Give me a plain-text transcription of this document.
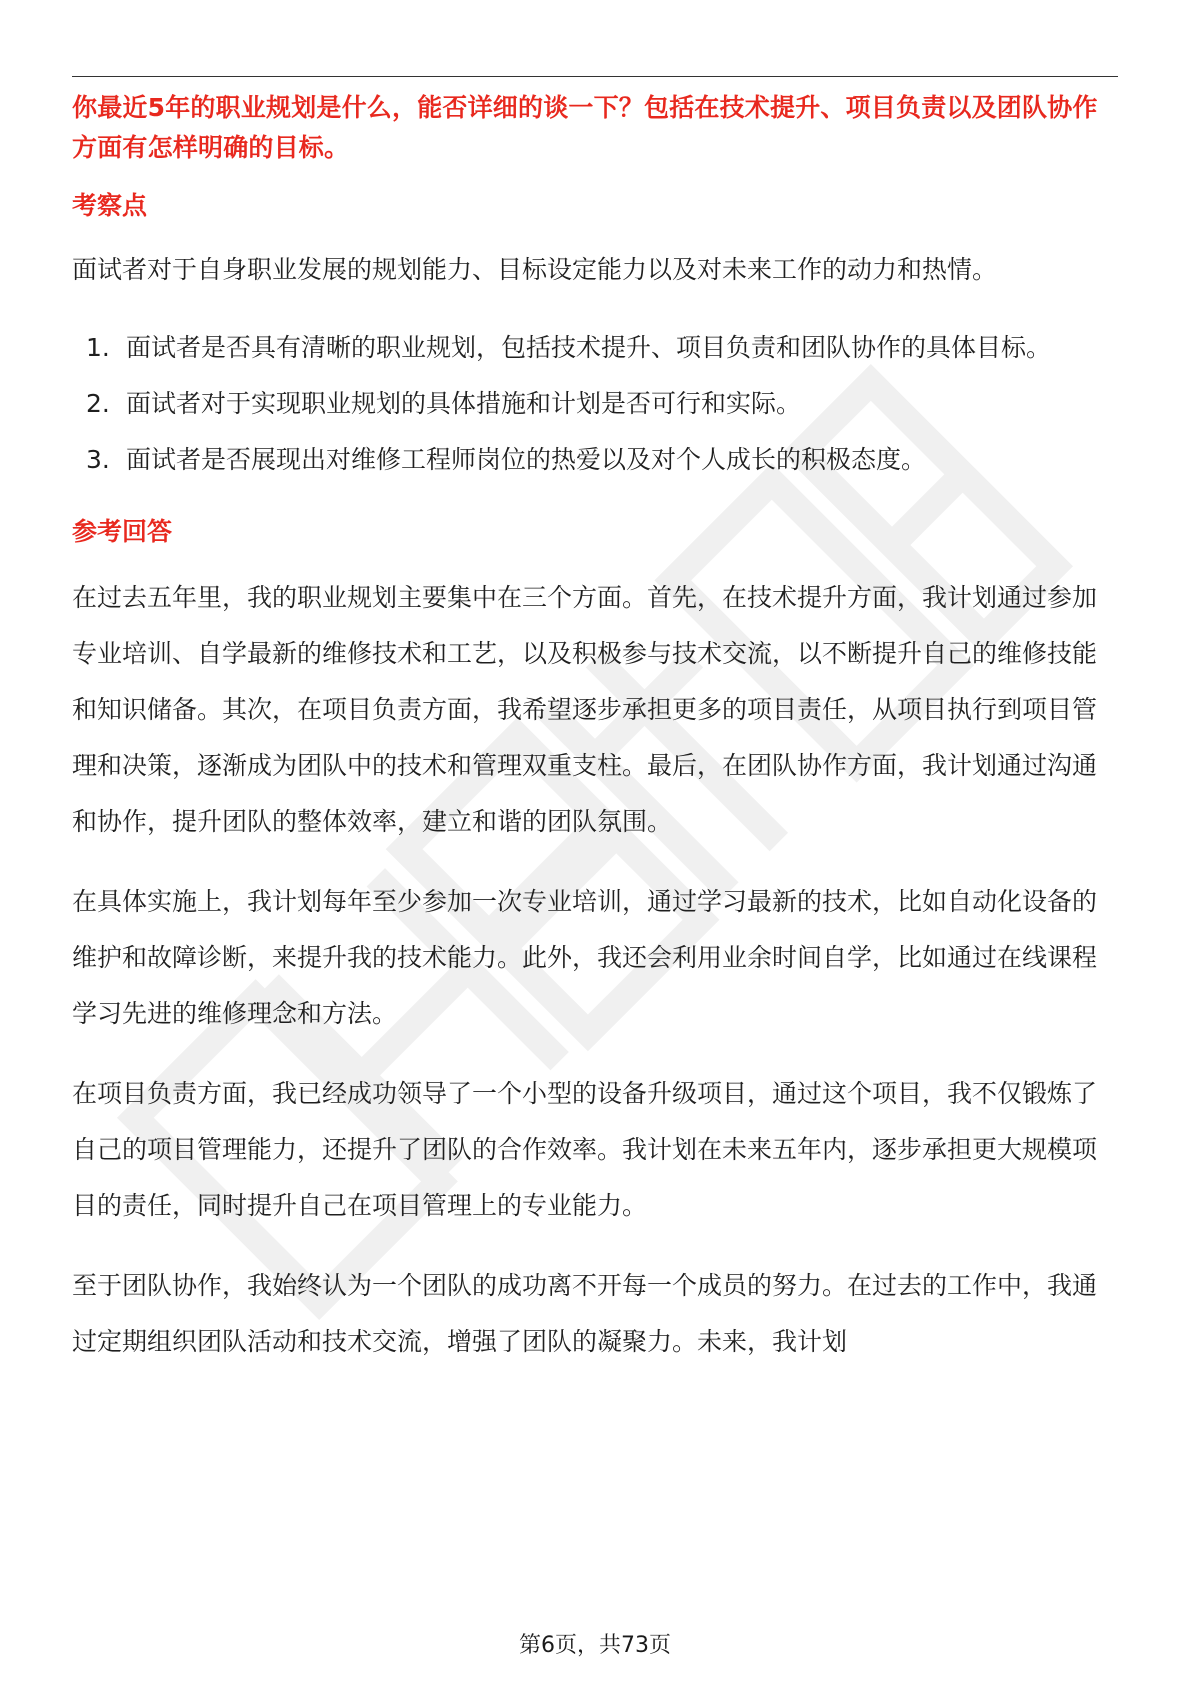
你最近5年的职业规划是什么，能否详细的谈一下？包括在技术提升、项目负责以及团队协作方面有怎样明确的目标。

考察点

面试者对于自身职业发展的规划能力、目标设定能力以及对未来工作的动力和热情。

1. 面试者是否具有清晰的职业规划，包括技术提升、项目负责和团队协作的具体目标。
2. 面试者对于实现职业规划的具体措施和计划是否可行和实际。
3. 面试者是否展现出对维修工程师岗位的热爱以及对个人成长的积极态度。
参考回答

在过去五年里，我的职业规划主要集中在三个方面。首先，在技术提升方面，我计划通过参加专业培训、自学最新的维修技术和工艺，以及积极参与技术交流，以不断提升自己的维修技能和知识储备。其次，在项目负责方面，我希望逐步承担更多的项目责任，从项目执行到项目管理和决策，逐渐成为团队中的技术和管理双重支柱。最后，在团队协作方面，我计划通过沟通和协作，提升团队的整体效率，建立和谐的团队氛围。

在具体实施上，我计划每年至少参加一次专业培训，通过学习最新的技术，比如自动化设备的维护和故障诊断，来提升我的技术能力。此外，我还会利用业余时间自学，比如通过在线课程学习先进的维修理念和方法。

在项目负责方面，我已经成功领导了一个小型的设备升级项目，通过这个项目，我不仅锻炼了自己的项目管理能力，还提升了团队的合作效率。我计划在未来五年内，逐步承担更大规模项目的责任，同时提升自己在项目管理上的专业能力。

至于团队协作，我始终认为一个团队的成功离不开每一个成员的努力。在过去的工作中，我通过定期组织团队活动和技术交流，增强了团队的凝聚力。未来，我计划

第6页，共73页
